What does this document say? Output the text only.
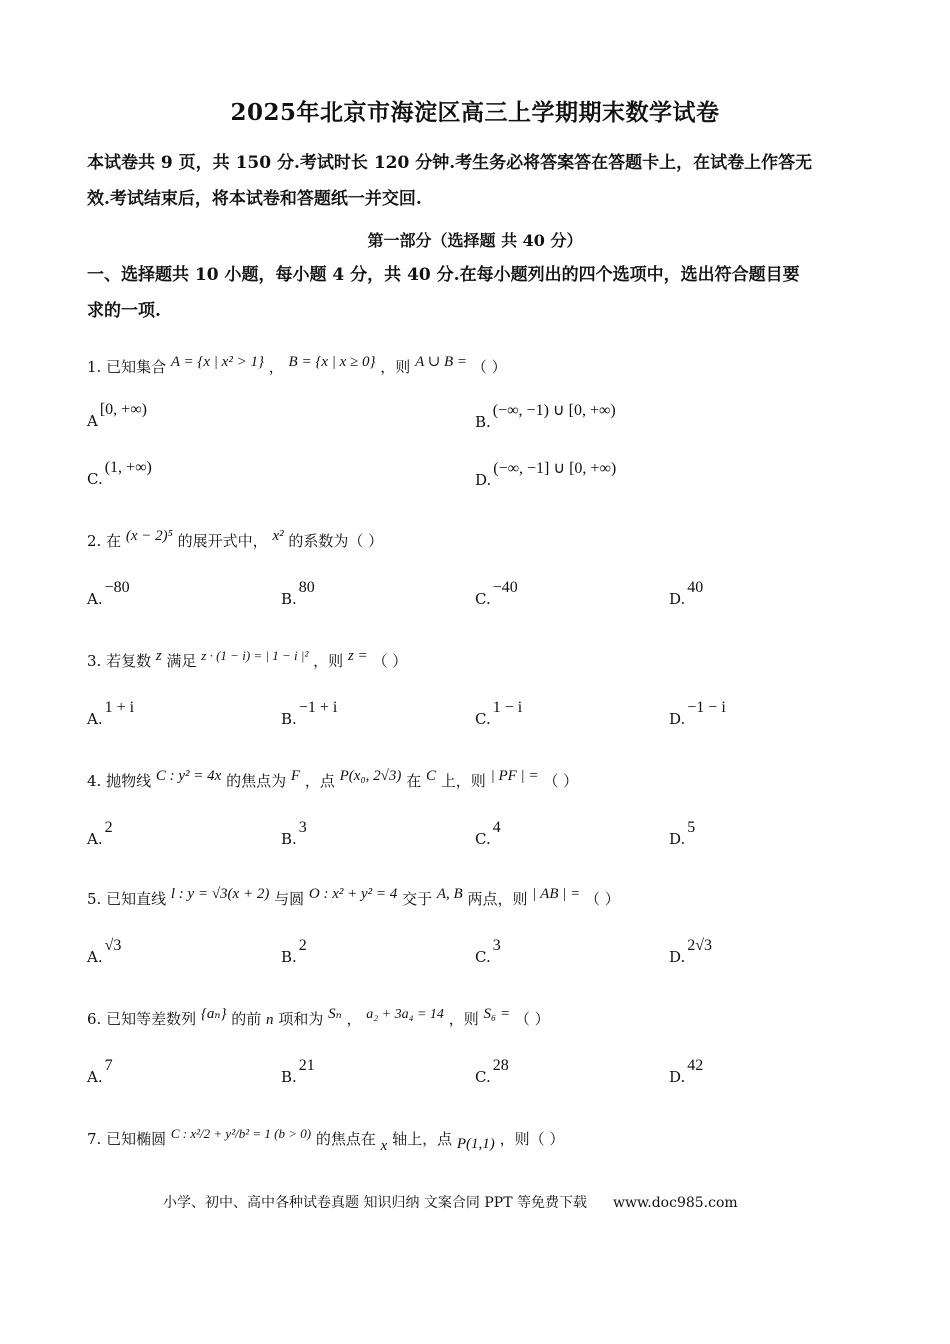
2025年北京市海淀区高三上学期期末数学试卷
本试卷共 9 页，共 150 分.考试时长 120 分钟.考生务必将答案答在答题卡上，在试卷上作答无
效.考试结束后，将本试卷和答题纸一并交回.
第一部分（选择题 共 40 分）
一、选择题共 10 小题，每小题 4 分，共 40 分.在每小题列出的四个选项中，选出符合题目要
求的一项.
1. 已知集合 A = {x | x² > 1} ， B = {x | x ≥ 0} ，则 A ∪ B = （ ）
A[0, +∞)
B.(−∞, −1) ∪ [0, +∞)
C.(1, +∞)
D.(−∞, −1] ∪ [0, +∞)
2. 在 (x − 2)⁵ 的展开式中， x² 的系数为（ ）
A.−80
B.80
C.−40
D.40
3. 若复数 z 满足 z · (1 − i) = | 1 − i |² ，则 z = （ ）
A.1 + i
B.−1 + i
C.1 − i
D.−1 − i
4. 抛物线 C : y² = 4x 的焦点为 F ，点 P(x₀, 2√3) 在 C 上，则 | PF | = （ ）
A.2
B.3
C.4
D.5
5. 已知直线 l : y = √3(x + 2) 与圆 O : x² + y² = 4 交于 A, B 两点，则 | AB | = （ ）
A.√3
B.2
C.3
D.2√3
6. 已知等差数列 {aₙ} 的前 n 项和为 Sₙ ， a₂ + 3a₄ = 14 ，则 S₆ = （ ）
A.7
B.21
C.28
D.42
7. 已知椭圆 C : x²/2 + y²/b² = 1 (b > 0) 的焦点在 x 轴上，点 P(1,1) ，则（ ）
小学、初中、高中各种试卷真题 知识归纳 文案合同 PPT 等免费下载 www.doc985.com
